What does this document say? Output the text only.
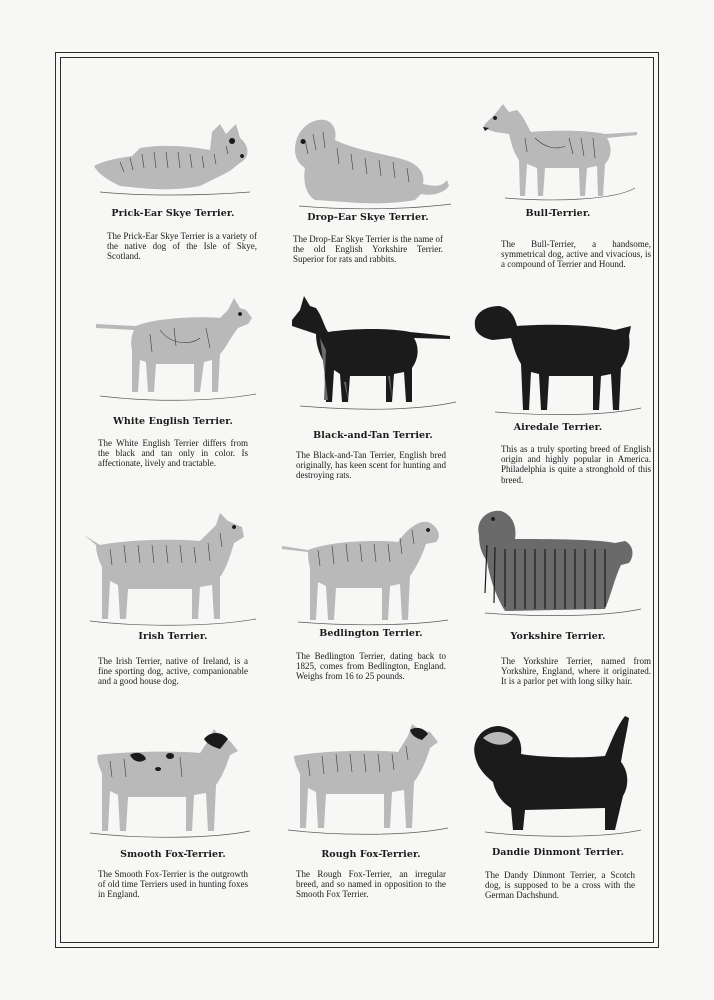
Prick-Ear Skye Terrier.
The Prick-Ear Skye Terrier is a variety of the native dog of the Isle of Skye, Scotland.
Drop-Ear Skye Terrier.
The Drop-Ear Skye Terrier is the name of the old English Yorkshire Terrier. Superior for rats and rabbits.
Bull-Terrier.
The Bull-Terrier, a handsome, symmetrical dog, active and vivacious, is a compound of Terrier and Hound.
White English Terrier.
The White English Terrier differs from the black and tan only in color. Is affectionate, lively and tractable.
Black-and-Tan Terrier.
The Black-and-Tan Terrier, English bred originally, has keen scent for hunting and destroying rats.
Airedale Terrier.
This as a truly sporting breed of English origin and highly popular in America. Philadelphia is quite a stronghold of this breed.
Irish Terrier.
The Irish Terrier, native of Ireland, is a fine sporting dog, active, companionable and a good house dog.
Bedlington Terrier.
The Bedlington Terrier, dating back to 1825, comes from Bedlington, England. Weighs from 16 to 25 pounds.
Yorkshire Terrier.
The Yorkshire Terrier, named from Yorkshire, England, where it originated. It is a parlor pet with long silky hair.
Smooth Fox-Terrier.
The Smooth Fox-Terrier is the outgrowth of old time Terriers used in hunting foxes in England.
Rough Fox-Terrier.
The Rough Fox-Terrier, an irregular breed, and so named in opposition to the Smooth Fox Terrier.
Dandie Dinmont Terrier.
The Dandy Dinmont Terrier, a Scotch dog, is supposed to be a cross with the German Dachshund.
